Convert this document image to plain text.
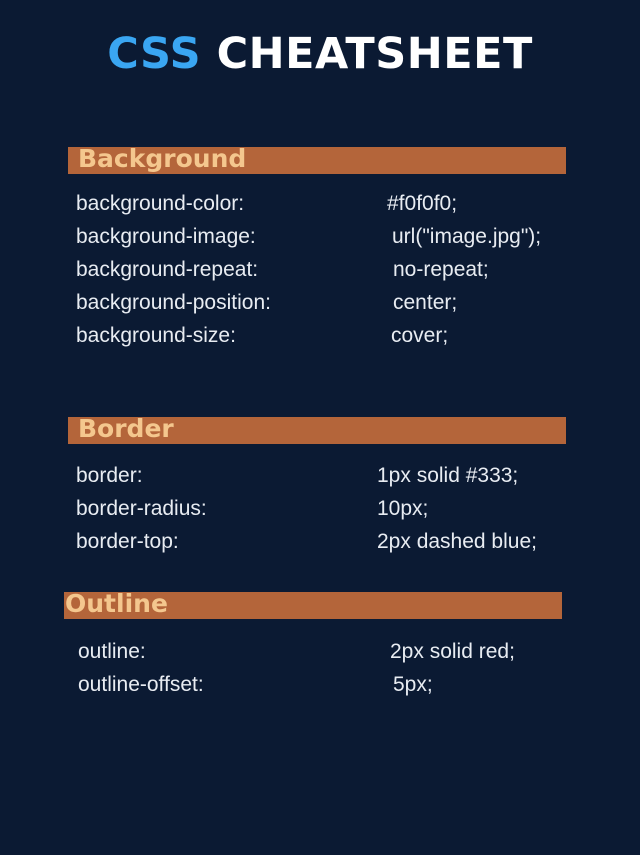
CSS CHEATSHEET
Background
background-color:	#f0f0f0;
background-image:	url("image.jpg");
background-repeat:	no-repeat;
background-position:	center;
background-size:	cover;
Border
border:	1px solid #333;
border-radius:	10px;
border-top:	2px dashed blue;
Outline
outline:	2px solid red;
outline-offset:	5px;
